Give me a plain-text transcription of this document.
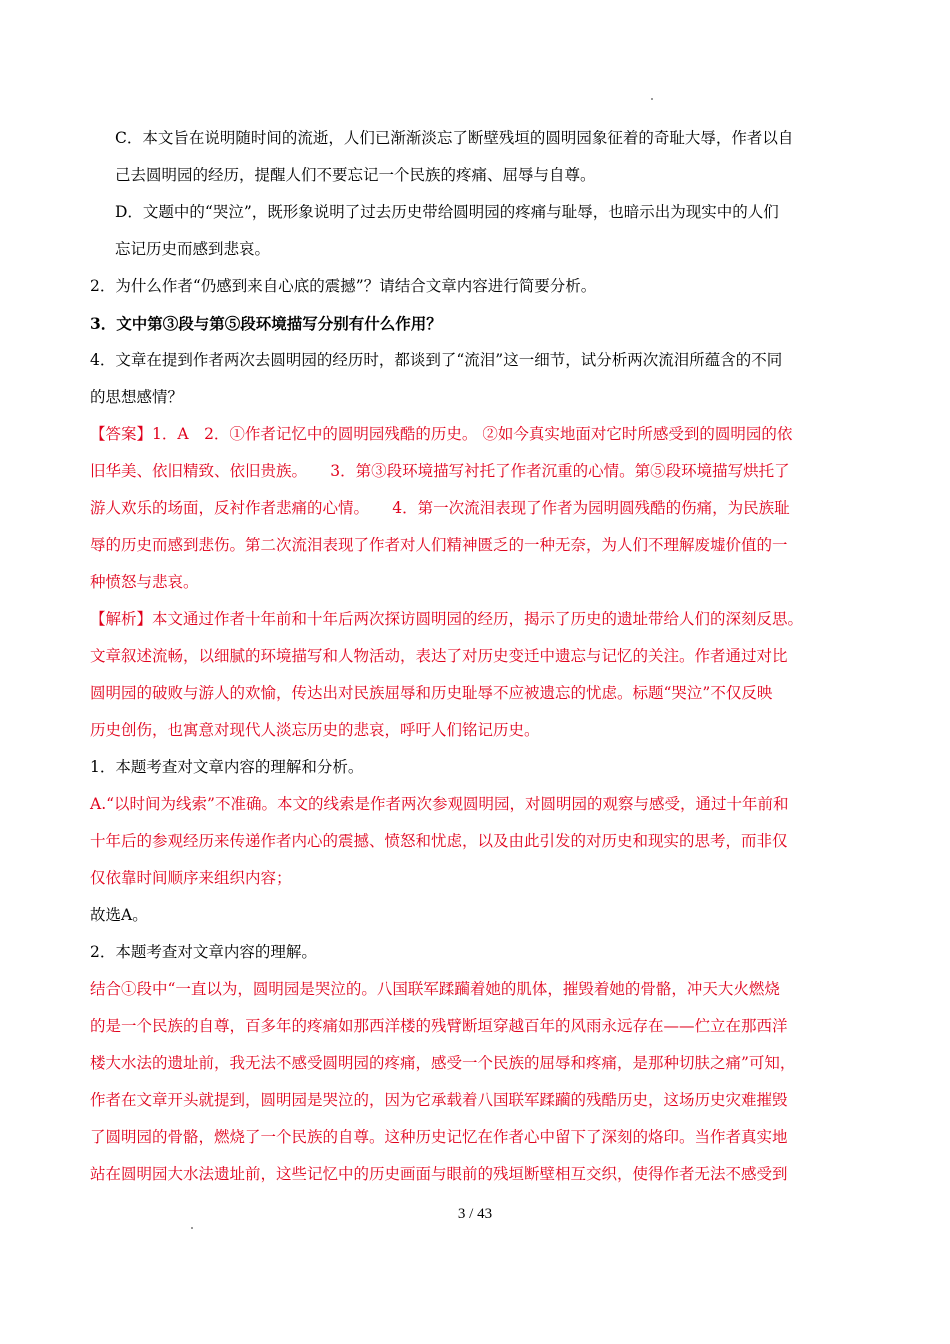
C．本文旨在说明随时间的流逝，人们已渐渐淡忘了断壁残垣的圆明园象征着的奇耻大辱，作者以自

己去圆明园的经历，提醒人们不要忘记一个民族的疼痛、屈辱与自尊。

D．文题中的“哭泣”，既形象说明了过去历史带给圆明园的疼痛与耻辱，也暗示出为现实中的人们

忘记历史而感到悲哀。

2．为什么作者“仍感到来自心底的震撼”？请结合文章内容进行简要分析。

3．文中第③段与第⑤段环境描写分别有什么作用？

4．文章在提到作者两次去圆明园的经历时，都谈到了“流泪”这一细节，试分析两次流泪所蕴含的不同

的思想感情？

【答案】1．A　2．①作者记忆中的圆明园残酷的历史。 ②如今真实地面对它时所感受到的圆明园的依

旧华美、依旧精致、依旧贵族。　　3．第③段环境描写衬托了作者沉重的心情。第⑤段环境描写烘托了

游人欢乐的场面，反衬作者悲痛的心情。　　4．第一次流泪表现了作者为园明圆残酷的伤痛，为民族耻

辱的历史而感到悲伤。第二次流泪表现了作者对人们精神匮乏的一种无奈，为人们不理解废墟价值的一

种愤怒与悲哀。

【解析】本文通过作者十年前和十年后两次探访圆明园的经历，揭示了历史的遗址带给人们的深刻反思。

文章叙述流畅，以细腻的环境描写和人物活动，表达了对历史变迁中遗忘与记忆的关注。作者通过对比

圆明园的破败与游人的欢愉，传达出对民族屈辱和历史耻辱不应被遗忘的忧虑。标题“哭泣”不仅反映

历史创伤，也寓意对现代人淡忘历史的悲哀，呼吁人们铭记历史。

1．本题考查对文章内容的理解和分析。

A.“以时间为线索”不准确。本文的线索是作者两次参观圆明园，对圆明园的观察与感受，通过十年前和

十年后的参观经历来传递作者内心的震撼、愤怒和忧虑，以及由此引发的对历史和现实的思考，而非仅

仅依靠时间顺序来组织内容；

故选A。

2．本题考查对文章内容的理解。

结合①段中“一直以为，圆明园是哭泣的。八国联军蹂躏着她的肌体，摧毁着她的骨骼，冲天大火燃烧

的是一个民族的自尊，百多年的疼痛如那西洋楼的残臂断垣穿越百年的风雨永远存在——伫立在那西洋

楼大水法的遗址前，我无法不感受圆明园的疼痛，感受一个民族的屈辱和疼痛，是那种切肤之痛”可知，

作者在文章开头就提到，圆明园是哭泣的，因为它承载着八国联军蹂躏的残酷历史，这场历史灾难摧毁

了圆明园的骨骼，燃烧了一个民族的自尊。这种历史记忆在作者心中留下了深刻的烙印。当作者真实地

站在圆明园大水法遗址前，这些记忆中的历史画面与眼前的残垣断壁相互交织，使得作者无法不感受到

3 / 43
